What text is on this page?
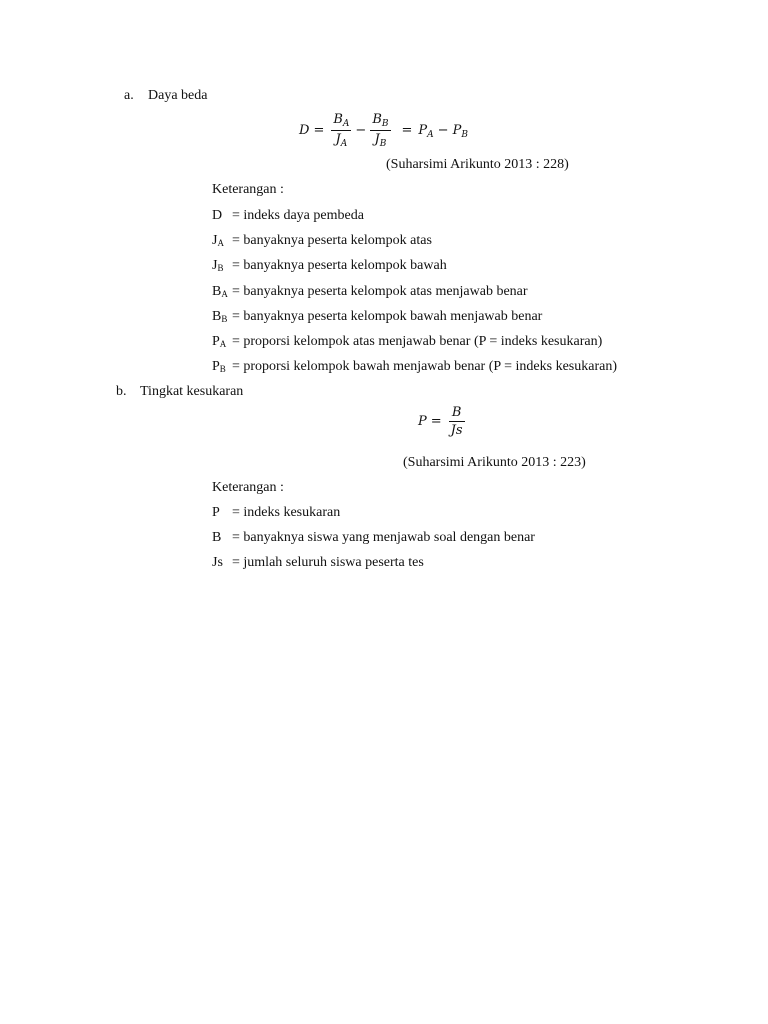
a. Daya beda
$D = \frac{B_A}{J_A} - \frac{B_B}{J_B} = P_A - P_B$
(Suharsimi Arikunto 2013 : 228)
Keterangan :
D = indeks daya pembeda
$J_A$ = banyaknya peserta kelompok atas
$J_B$ = banyaknya peserta kelompok bawah
$B_A$ = banyaknya peserta kelompok atas menjawab benar
$B_B$ = banyaknya peserta kelompok bawah menjawab benar
$P_A$ = proporsi kelompok atas menjawab benar (P = indeks kesukaran)
$P_B$ = proporsi kelompok bawah menjawab benar (P = indeks kesukaran)
b. Tingkat kesukaran
$P = \frac{B}{Js}$
(Suharsimi Arikunto 2013 : 223)
Keterangan :
P = indeks kesukaran
B = banyaknya siswa yang menjawab soal dengan benar
Js = jumlah seluruh siswa peserta tes
